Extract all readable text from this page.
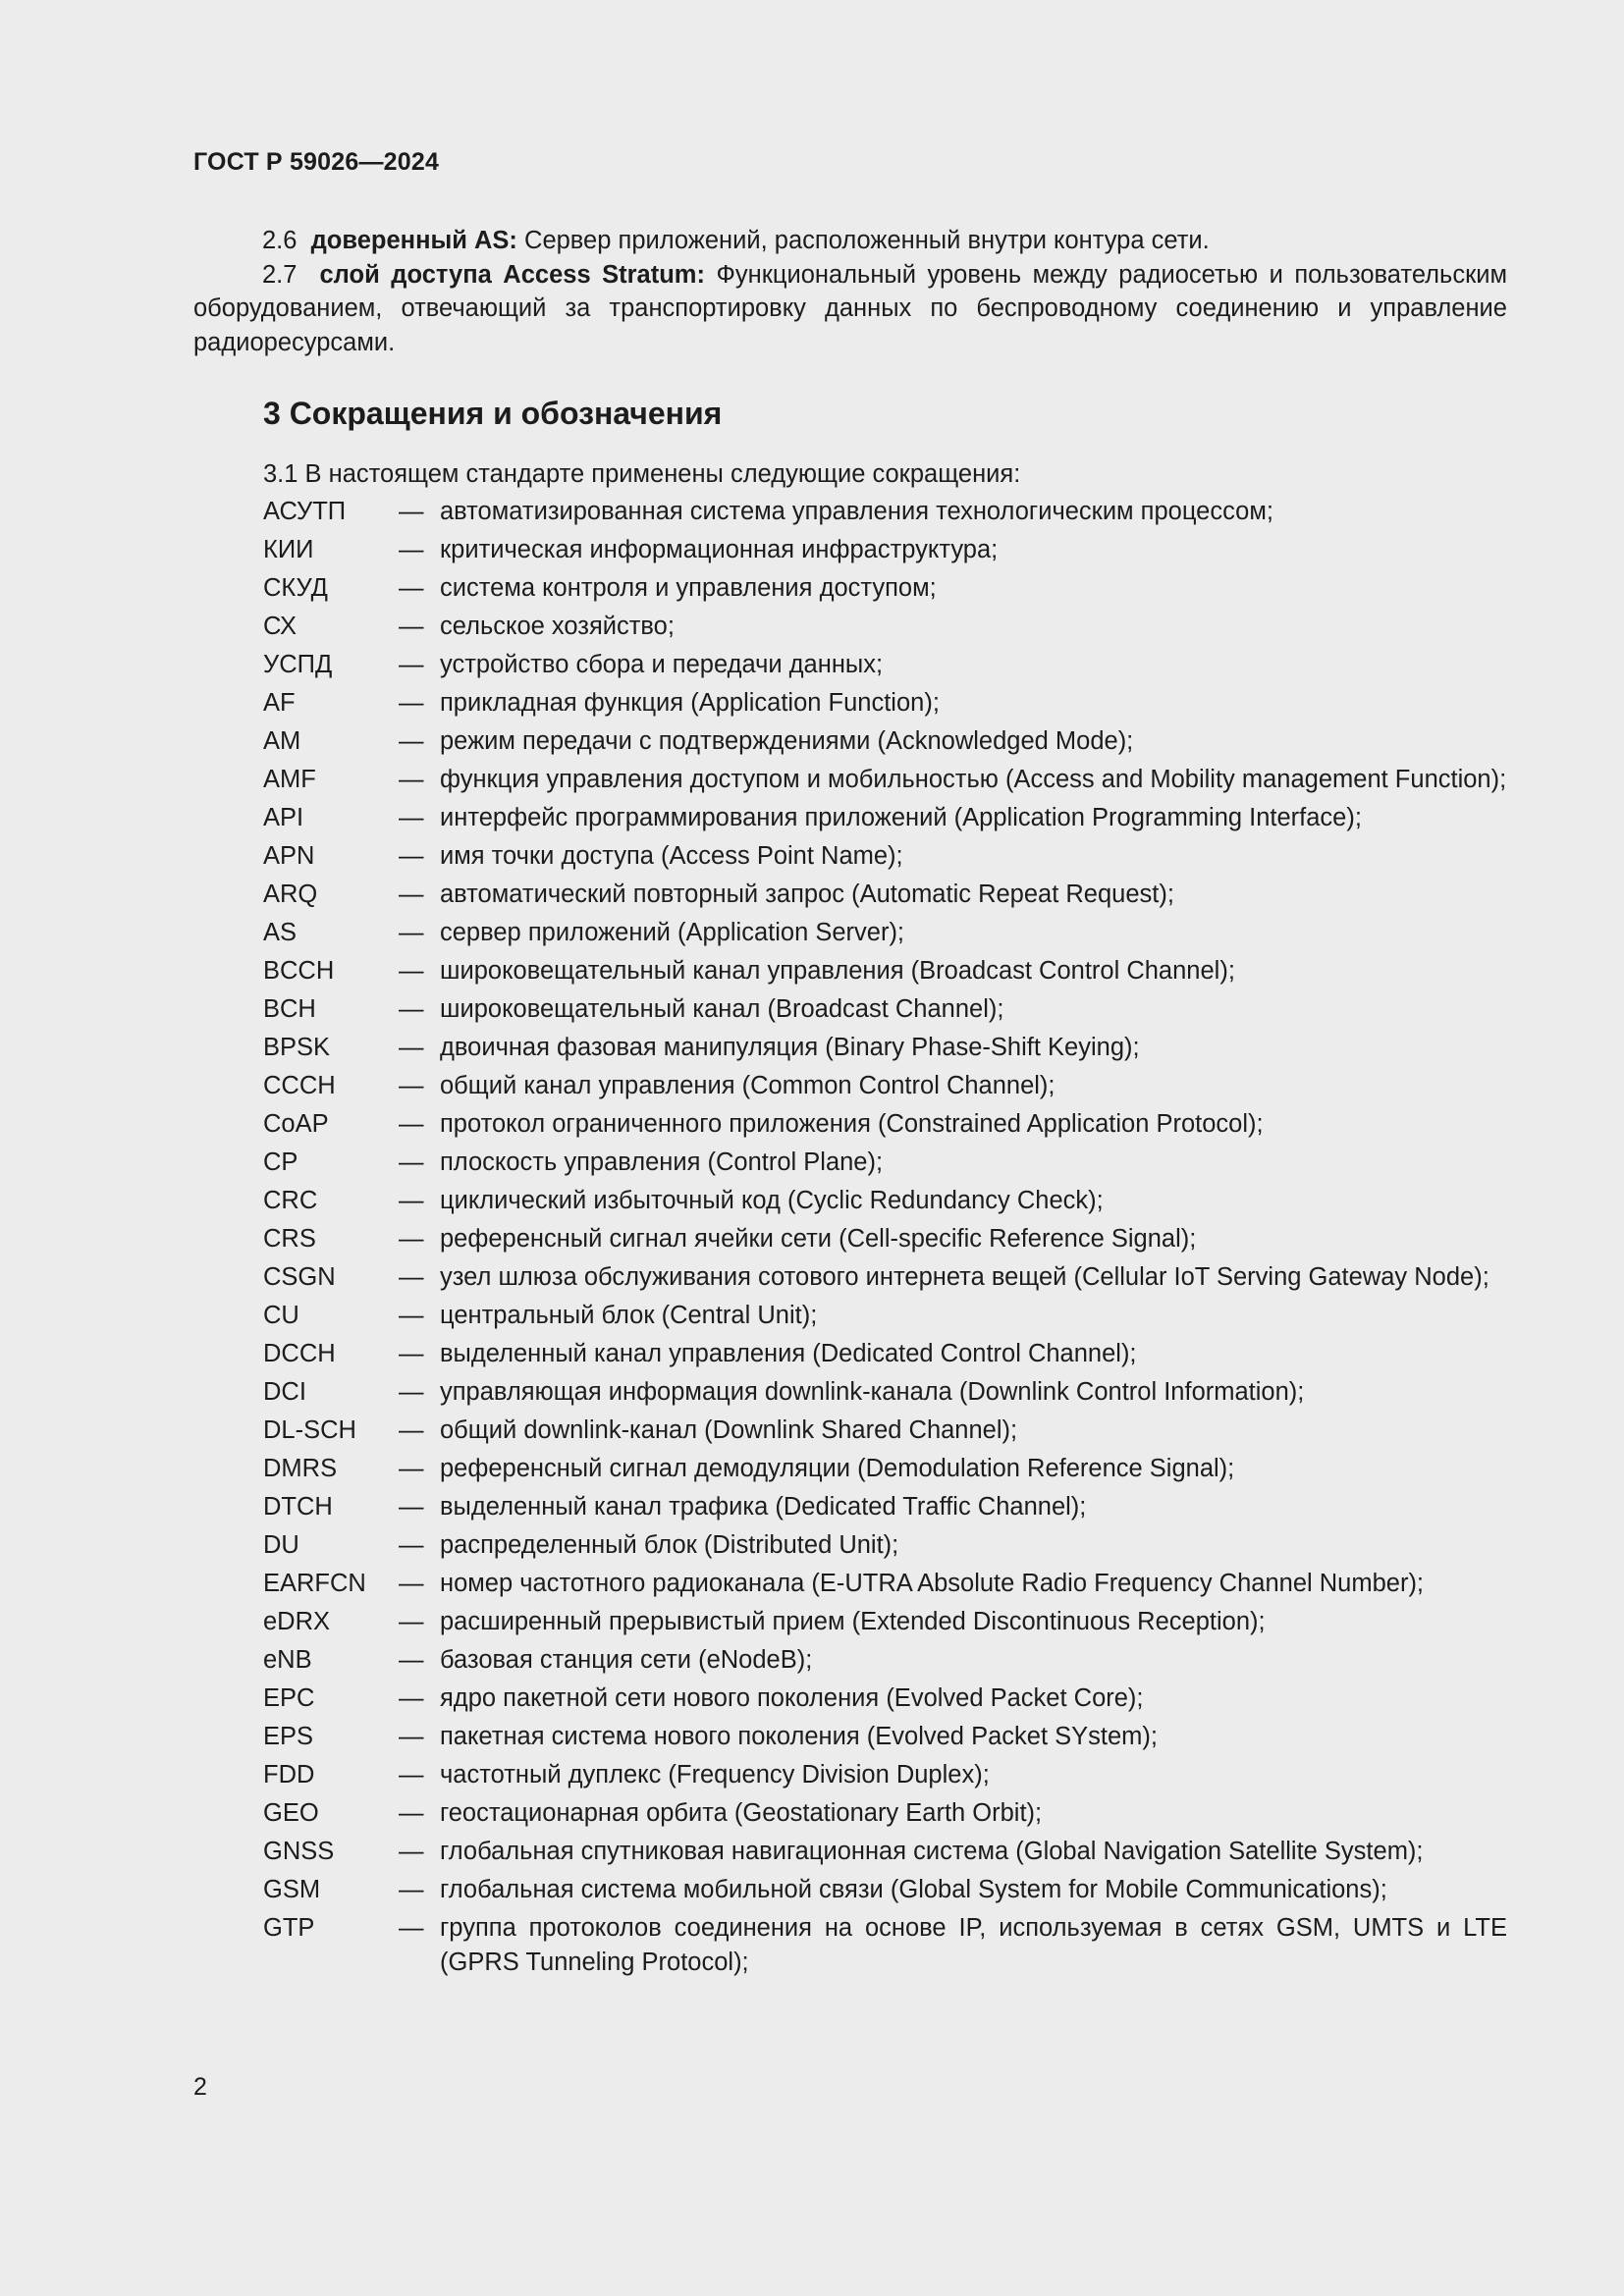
ГОСТ Р 59026—2024

2.6 доверенный AS: Сервер приложений, расположенный внутри контура сети.

2.7 слой доступа Access Stratum: Функциональный уровень между радиосетью и пользовательским оборудованием, отвечающий за транспортировку данных по беспроводному соединению и управление радиоресурсами.

3 Сокращения и обозначения
3.1 В настоящем стандарте применены следующие сокращения:
АСУТП	— автоматизированная система управления технологическим процессом;
КИИ	— критическая информационная инфраструктура;
СКУД	— система контроля и управления доступом;
СХ	— сельское хозяйство;
УСПД	— устройство сбора и передачи данных;
AF	— прикладная функция (Application Function);
AM	— режим передачи с подтверждениями (Acknowledged Mode);
AMF	— функция управления доступом и мобильностью (Access and Mobility management Function);
API	— интерфейс программирования приложений (Application Programming Interface);
APN	— имя точки доступа (Access Point Name);
ARQ	— автоматический повторный запрос (Automatic Repeat Request);
AS	— сервер приложений (Application Server);
BCCH	— широковещательный канал управления (Broadcast Control Channel);
BCH	— широковещательный канал (Broadcast Channel);
BPSK	— двоичная фазовая манипуляция (Binary Phase-Shift Keying);
CCCH	— общий канал управления (Common Control Channel);
CoAP	— протокол ограниченного приложения (Constrained Application Protocol);
CP	— плоскость управления (Control Plane);
CRC	— циклический избыточный код (Cyclic Redundancy Check);
CRS	— референсный сигнал ячейки сети (Cell-specific Reference Signal);
CSGN	— узел шлюза обслуживания сотового интернета вещей (Cellular IoT Serving Gateway Node);
CU	— центральный блок (Central Unit);
DCCH	— выделенный канал управления (Dedicated Control Channel);
DCI	— управляющая информация downlink-канала (Downlink Control Information);
DL-SCH	— общий downlink-канал (Downlink Shared Channel);
DMRS	— референсный сигнал демодуляции (Demodulation Reference Signal);
DTCH	— выделенный канал трафика (Dedicated Traffic Channel);
DU	— распределенный блок (Distributed Unit);
EARFCN	— номер частотного радиоканала (E-UTRA Absolute Radio Frequency Channel Number);
eDRX	— расширенный прерывистый прием (Extended Discontinuous Reception);
eNB	— базовая станция сети (eNodeB);
EPC	— ядро пакетной сети нового поколения (Evolved Packet Core);
EPS	— пакетная система нового поколения (Evolved Packet SYstem);
FDD	— частотный дуплекс (Frequency Division Duplex);
GEO	— геостационарная орбита (Geostationary Earth Orbit);
GNSS	— глобальная спутниковая навигационная система (Global Navigation Satellite System);
GSM	— глобальная система мобильной связи (Global System for Mobile Communications);
GTP	— группа протоколов соединения на основе IP, используемая в сетях GSM, UMTS и LTE (GPRS Tunneling Protocol);
2
